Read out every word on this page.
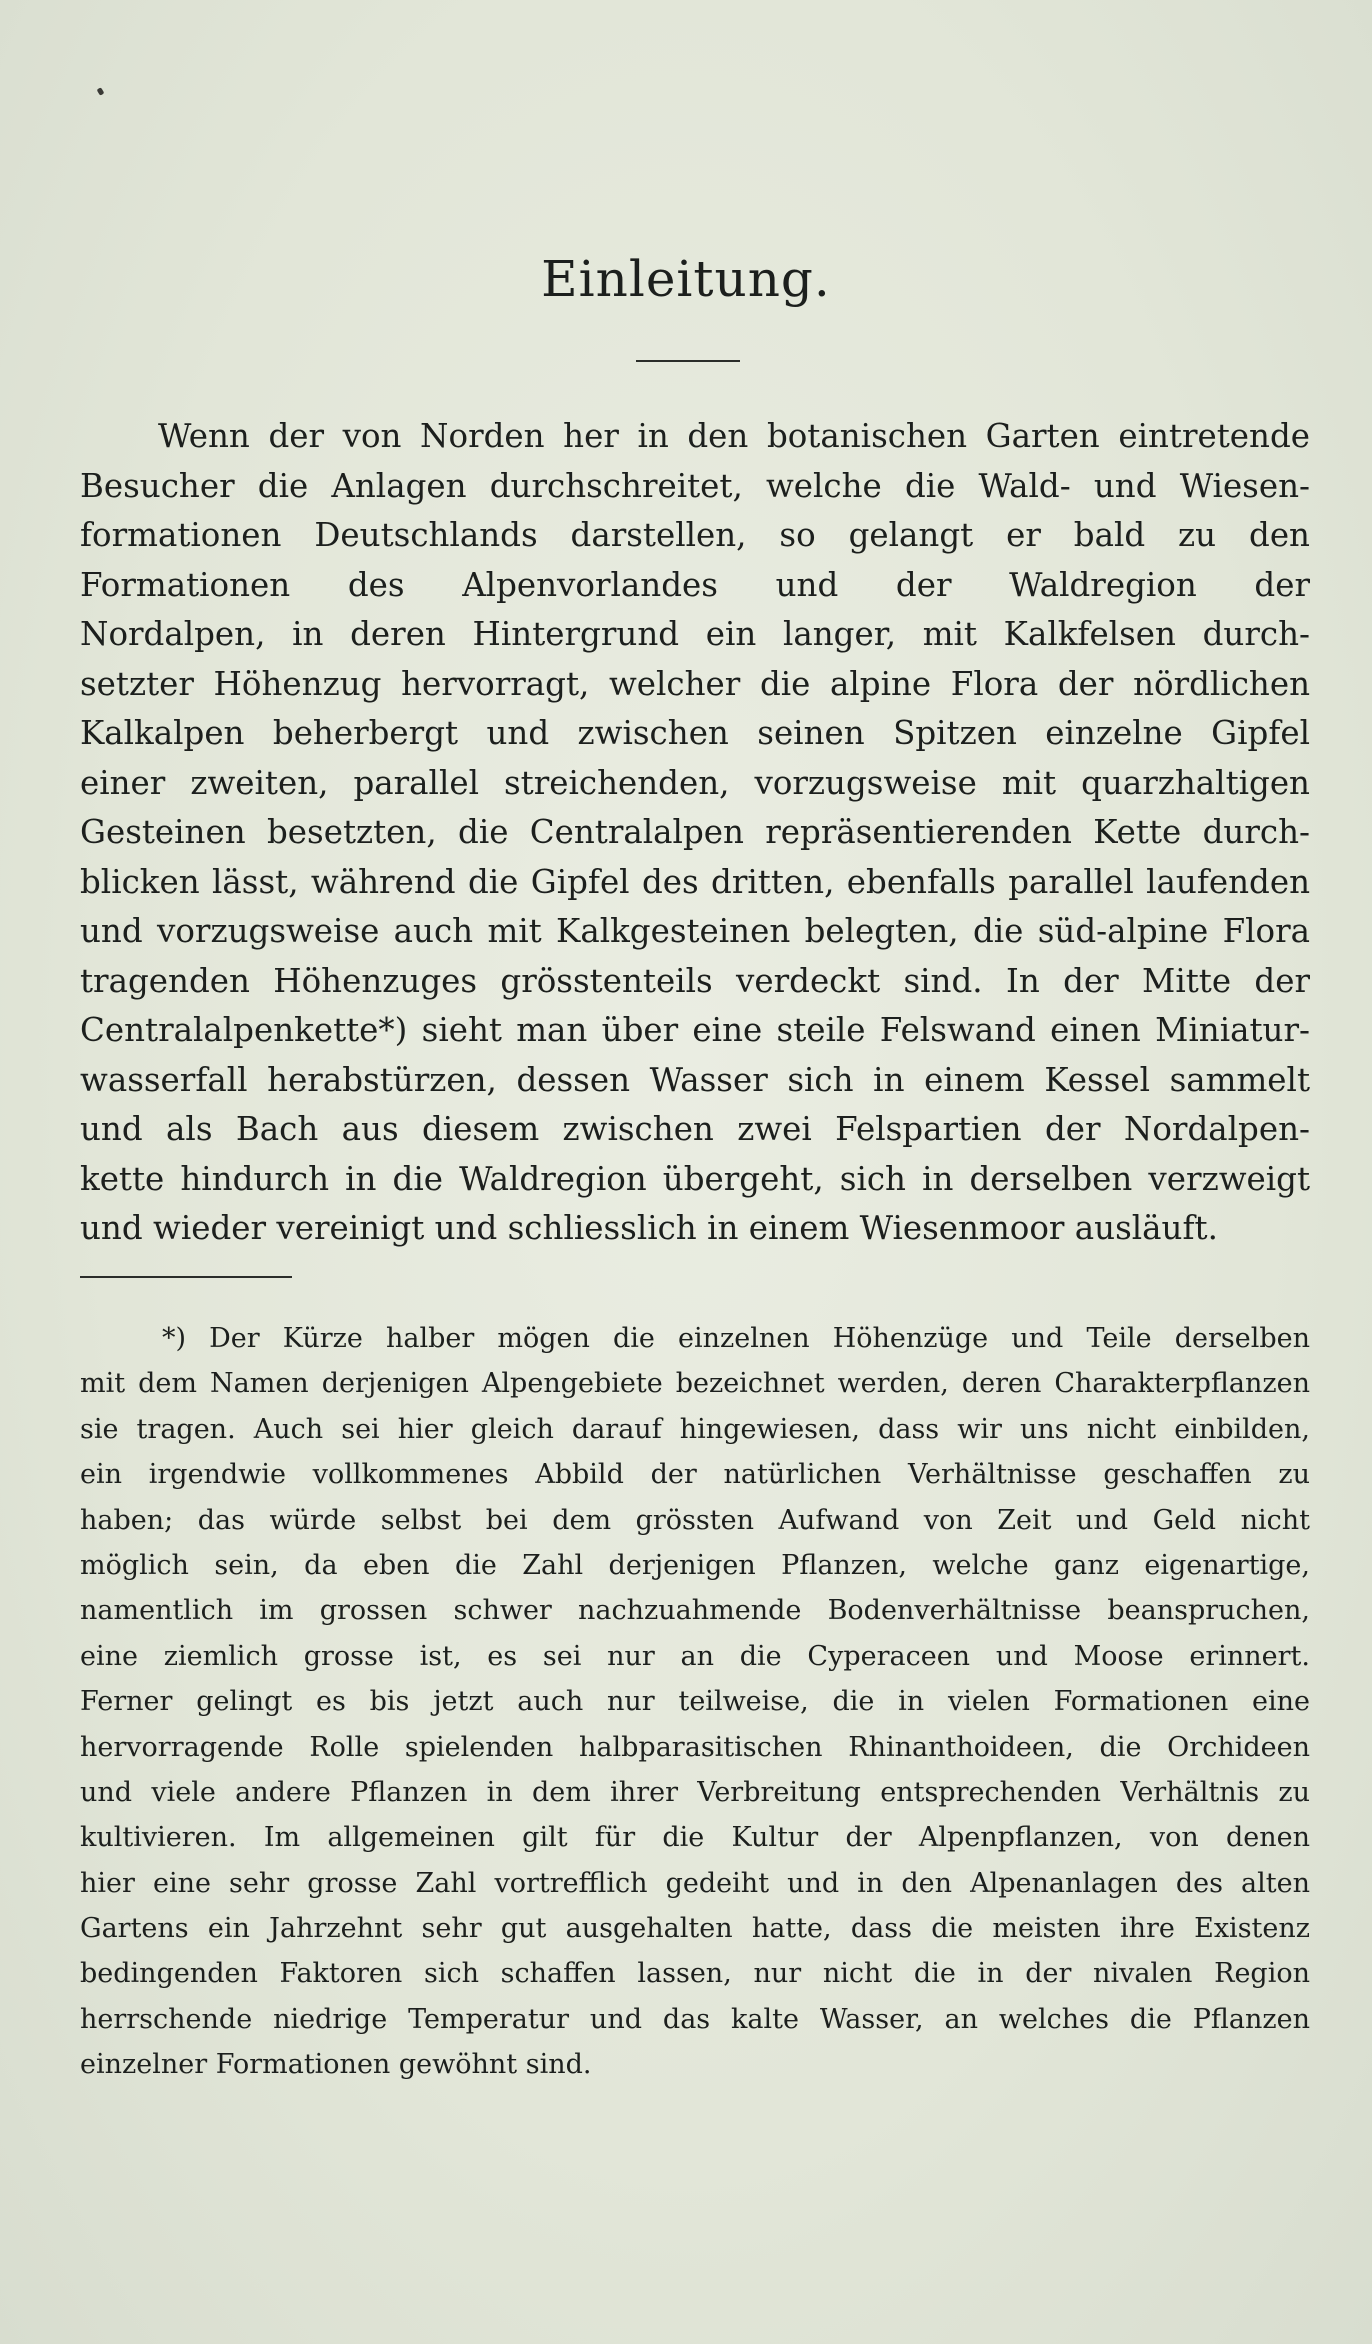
Einleitung.
Wenn der von Norden her in den botanischen Garten eintretende
Besucher die Anlagen durchschreitet, welche die Wald- und Wiesen-
formationen Deutschlands darstellen, so gelangt er bald zu den
Formationen des Alpenvorlandes und der Waldregion der
Nordalpen, in deren Hintergrund ein langer, mit Kalkfelsen durch-
setzter Höhenzug hervorragt, welcher die alpine Flora der nördlichen
Kalkalpen beherbergt und zwischen seinen Spitzen einzelne Gipfel
einer zweiten, parallel streichenden, vorzugsweise mit quarzhaltigen
Gesteinen besetzten, die Centralalpen repräsentierenden Kette durch-
blicken lässt, während die Gipfel des dritten, ebenfalls parallel laufenden
und vorzugsweise auch mit Kalkgesteinen belegten, die süd-alpine Flora
tragenden Höhenzuges grösstenteils verdeckt sind. In der Mitte der
Centralalpenkette*) sieht man über eine steile Felswand einen Miniatur-
wasserfall herabstürzen, dessen Wasser sich in einem Kessel sammelt
und als Bach aus diesem zwischen zwei Felspartien der Nordalpen-
kette hindurch in die Waldregion übergeht, sich in derselben verzweigt
und wieder vereinigt und schliesslich in einem Wiesenmoor ausläuft.
*) Der Kürze halber mögen die einzelnen Höhenzüge und Teile derselben
mit dem Namen derjenigen Alpengebiete bezeichnet werden, deren Charakterpflanzen
sie tragen. Auch sei hier gleich darauf hingewiesen, dass wir uns nicht einbilden,
ein irgendwie vollkommenes Abbild der natürlichen Verhältnisse geschaffen zu
haben; das würde selbst bei dem grössten Aufwand von Zeit und Geld nicht
möglich sein, da eben die Zahl derjenigen Pflanzen, welche ganz eigenartige,
namentlich im grossen schwer nachzuahmende Bodenverhältnisse beanspruchen,
eine ziemlich grosse ist, es sei nur an die Cyperaceen und Moose erinnert.
Ferner gelingt es bis jetzt auch nur teilweise, die in vielen Formationen eine
hervorragende Rolle spielenden halbparasitischen Rhinanthoideen, die Orchideen
und viele andere Pflanzen in dem ihrer Verbreitung entsprechenden Verhältnis zu
kultivieren. Im allgemeinen gilt für die Kultur der Alpenpflanzen, von denen
hier eine sehr grosse Zahl vortrefflich gedeiht und in den Alpenanlagen des alten
Gartens ein Jahrzehnt sehr gut ausgehalten hatte, dass die meisten ihre Existenz
bedingenden Faktoren sich schaffen lassen, nur nicht die in der nivalen Region
herrschende niedrige Temperatur und das kalte Wasser, an welches die Pflanzen
einzelner Formationen gewöhnt sind.
